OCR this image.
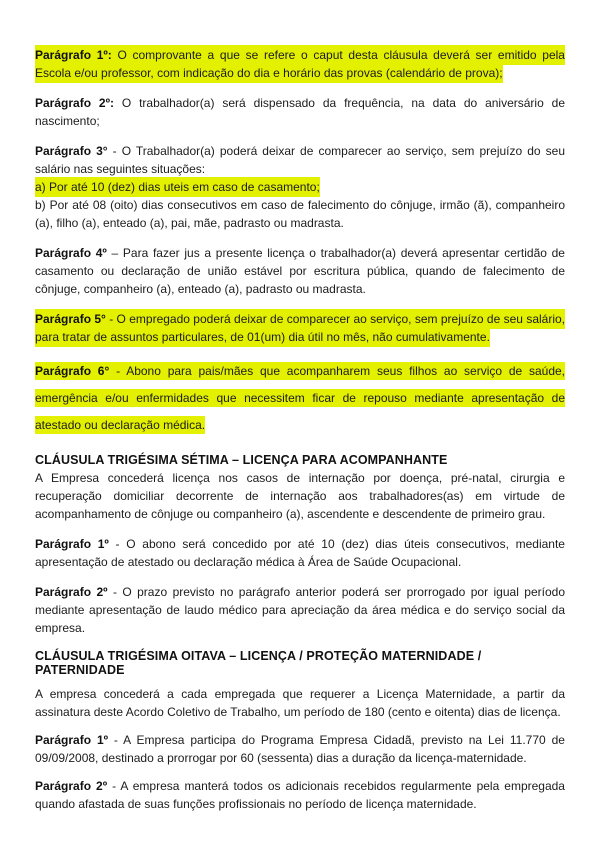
Parágrafo 1º: O comprovante a que se refere o caput desta cláusula deverá ser emitido pela Escola e/ou professor, com indicação do dia e horário das provas (calendário de prova);

Parágrafo 2º: O trabalhador(a) será dispensado da frequência, na data do aniversário de nascimento;

Parágrafo 3° - O Trabalhador(a) poderá deixar de comparecer ao serviço, sem prejuízo do seu salário nas seguintes situações:
a) Por até 10 (dez) dias uteis em caso de casamento;
b) Por até 08 (oito) dias consecutivos em caso de falecimento do cônjuge, irmão (ã), companheiro (a), filho (a), enteado (a), pai, mãe, padrasto ou madrasta.

Parágrafo 4º – Para fazer jus a presente licença o trabalhador(a) deverá apresentar certidão de casamento ou declaração de união estável por escritura pública, quando de falecimento de cônjuge, companheiro (a), enteado (a), padrasto ou madrasta.

Parágrafo 5° - O empregado poderá deixar de comparecer ao serviço, sem prejuízo de seu salário, para tratar de assuntos particulares, de 01(um) dia útil no mês, não cumulativamente.

Parágrafo 6° - Abono para pais/mães que acompanharem seus filhos ao serviço de saúde, emergência e/ou enfermidades que necessitem ficar de repouso mediante apresentação de atestado ou declaração médica.

CLÁUSULA TRIGÉSIMA SÉTIMA – LICENÇA PARA ACOMPANHANTE

A Empresa concederá licença nos casos de internação por doença, pré-natal, cirurgia e recuperação domiciliar decorrente de internação aos trabalhadores(as) em virtude de acompanhamento de cônjuge ou companheiro (a), ascendente e descendente de primeiro grau.

Parágrafo 1º - O abono será concedido por até 10 (dez) dias úteis consecutivos, mediante apresentação de atestado ou declaração médica à Área de Saúde Ocupacional.

Parágrafo 2º - O prazo previsto no parágrafo anterior poderá ser prorrogado por igual período mediante apresentação de laudo médico para apreciação da área médica e do serviço social da empresa.

CLÁUSULA TRIGÉSIMA OITAVA – LICENÇA / PROTEÇÃO MATERNIDADE / PATERNIDADE

A empresa concederá a cada empregada que requerer a Licença Maternidade, a partir da assinatura deste Acordo Coletivo de Trabalho, um período de 180 (cento e oitenta) dias de licença.

Parágrafo 1º - A Empresa participa do Programa Empresa Cidadã, previsto na Lei 11.770 de 09/09/2008, destinado a prorrogar por 60 (sessenta) dias a duração da licença-maternidade.

Parágrafo 2º - A empresa manterá todos os adicionais recebidos regularmente pela empregada quando afastada de suas funções profissionais no período de licença maternidade.
